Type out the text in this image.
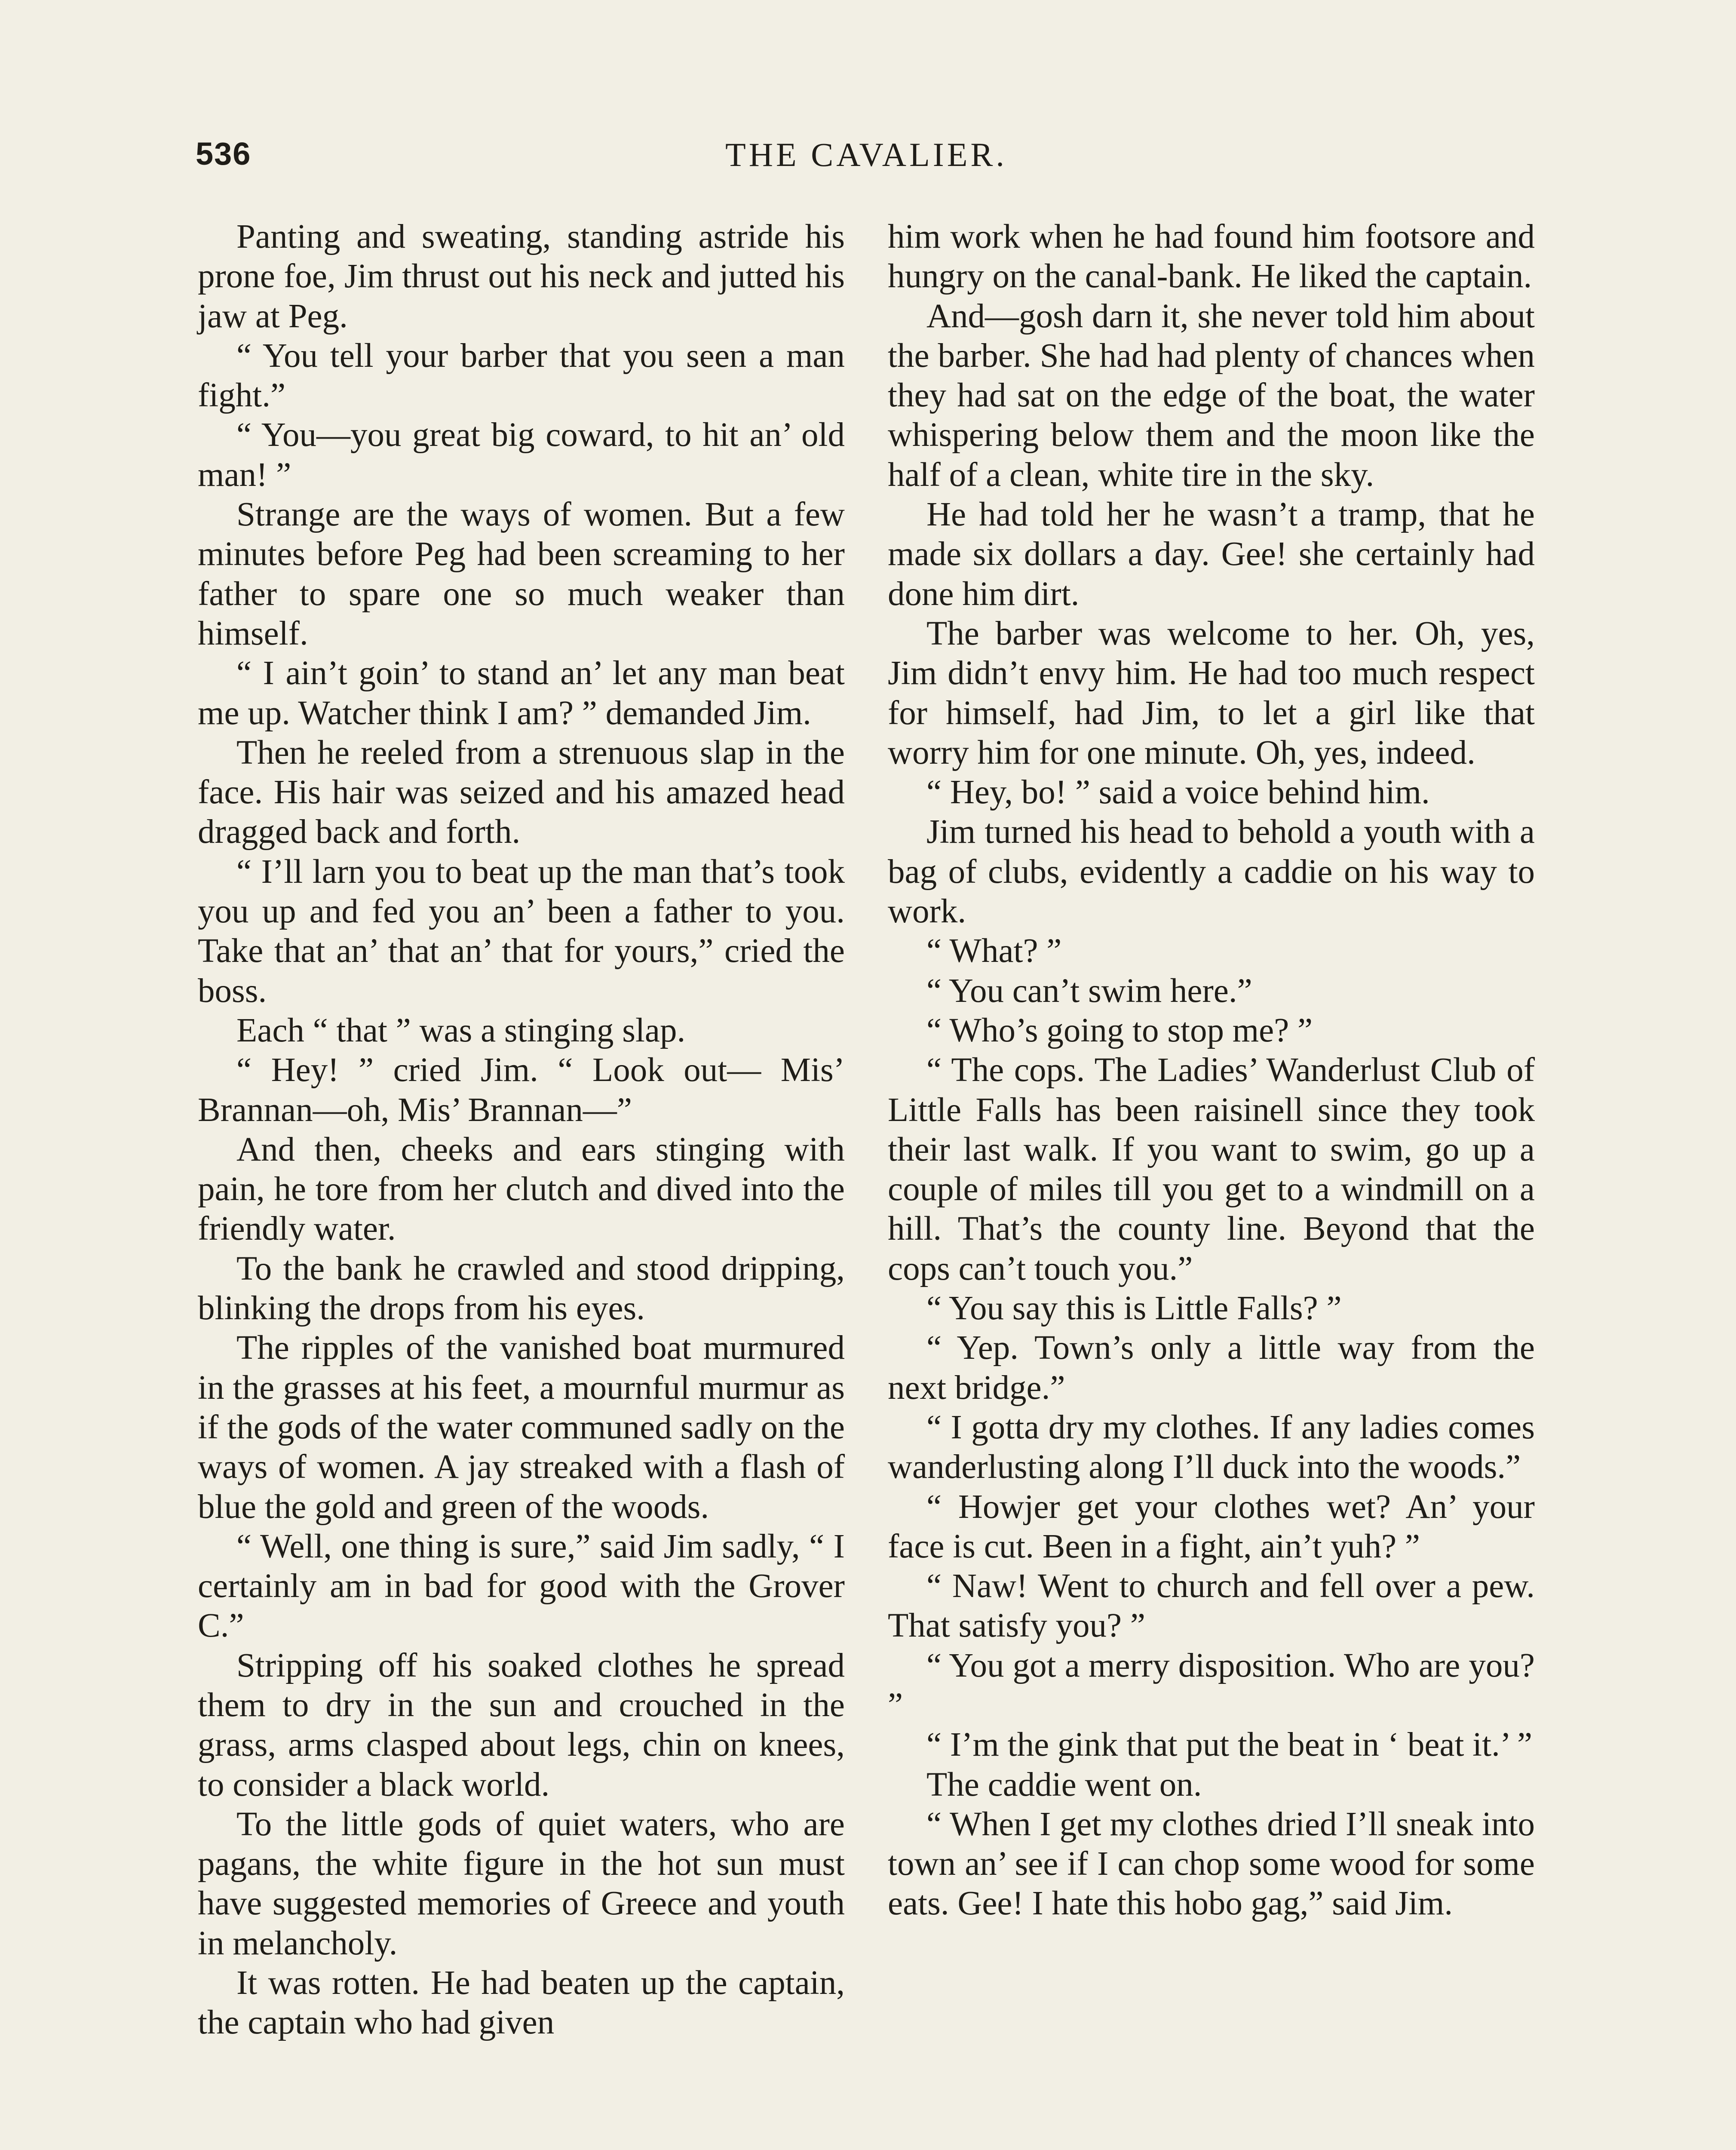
536	THE CAVALIER.

Panting and sweating, standing astride his prone foe, Jim thrust out his neck and jutted his jaw at Peg.

“ You tell your barber that you seen a man fight.”

“ You—you great big coward, to hit an’ old man! ”

Strange are the ways of women. But a few minutes before Peg had been screaming to her father to spare one so much weaker than himself.

“ I ain’t goin’ to stand an’ let any man beat me up. Watcher think I am? ” demanded Jim.

Then he reeled from a strenuous slap in the face. His hair was seized and his amazed head dragged back and forth.

“ I’ll larn you to beat up the man that’s took you up and fed you an’ been a father to you. Take that an’ that an’ that for yours,” cried the boss.

Each “ that ” was a stinging slap.

“ Hey! ” cried Jim. “ Look out— Mis’ Brannan—oh, Mis’ Brannan—”

And then, cheeks and ears stinging with pain, he tore from her clutch and dived into the friendly water.

To the bank he crawled and stood dripping, blinking the drops from his eyes.

The ripples of the vanished boat murmured in the grasses at his feet, a mournful murmur as if the gods of the water communed sadly on the ways of women. A jay streaked with a flash of blue the gold and green of the woods.

“ Well, one thing is sure,” said Jim sadly, “ I certainly am in bad for good with the Grover C.”

Stripping off his soaked clothes he spread them to dry in the sun and crouched in the grass, arms clasped about legs, chin on knees, to consider a black world.

To the little gods of quiet waters, who are pagans, the white figure in the hot sun must have suggested memories of Greece and youth in melancholy.

It was rotten. He had beaten up the captain, the captain who had given

him work when he had found him footsore and hungry on the canal-bank. He liked the captain.

And—gosh darn it, she never told him about the barber. She had had plenty of chances when they had sat on the edge of the boat, the water whispering below them and the moon like the half of a clean, white tire in the sky.

He had told her he wasn’t a tramp, that he made six dollars a day. Gee! she certainly had done him dirt.

The barber was welcome to her. Oh, yes, Jim didn’t envy him. He had too much respect for himself, had Jim, to let a girl like that worry him for one minute. Oh, yes, indeed.

“ Hey, bo! ” said a voice behind him.

Jim turned his head to behold a youth with a bag of clubs, evidently a caddie on his way to work.

“ What? ”

“ You can’t swim here.”

“ Who’s going to stop me? ”

“ The cops. The Ladies’ Wanderlust Club of Little Falls has been raisinell since they took their last walk. If you want to swim, go up a couple of miles till you get to a windmill on a hill. That’s the county line. Beyond that the cops can’t touch you.”

“ You say this is Little Falls? ”

“ Yep. Town’s only a little way from the next bridge.”

“ I gotta dry my clothes. If any ladies comes wanderlusting along I’ll duck into the woods.”

“ Howjer get your clothes wet? An’ your face is cut. Been in a fight, ain’t yuh? ”

“ Naw! Went to church and fell over a pew. That satisfy you? ”

“ You got a merry disposition. Who are you? ”

“ I’m the gink that put the beat in ‘ beat it.’ ”

The caddie went on.

“ When I get my clothes dried I’ll sneak into town an’ see if I can chop some wood for some eats. Gee! I hate this hobo gag,” said Jim.
